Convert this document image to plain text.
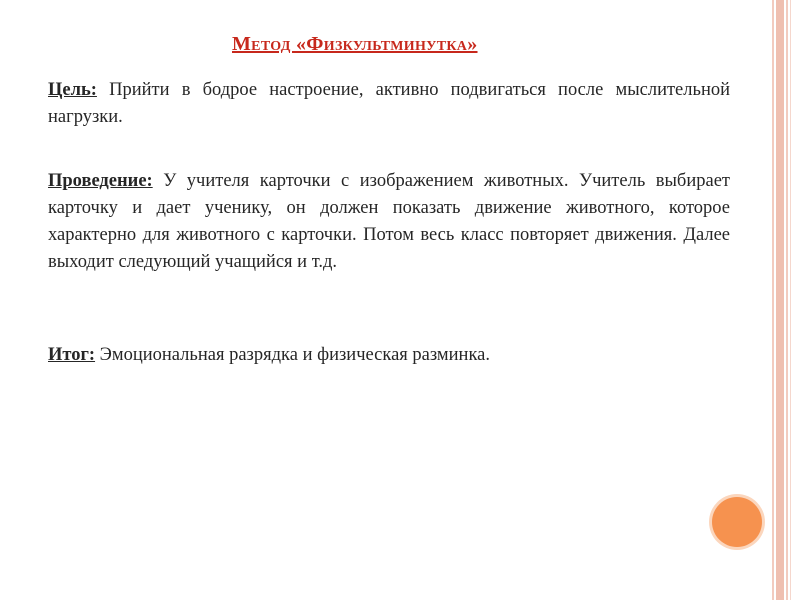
Метод «Физкультминутка»

Цель: Прийти в бодрое настроение, активно подвигаться после мыслительной нагрузки.

Проведение: У учителя карточки с изображением животных. Учитель выбирает карточку и дает ученику, он должен показать движение животного, которое характерно для животного с карточки. Потом весь класс повторяет движения. Далее выходит следующий учащийся и т.д.

Итог: Эмоциональная разрядка и физическая разминка.
